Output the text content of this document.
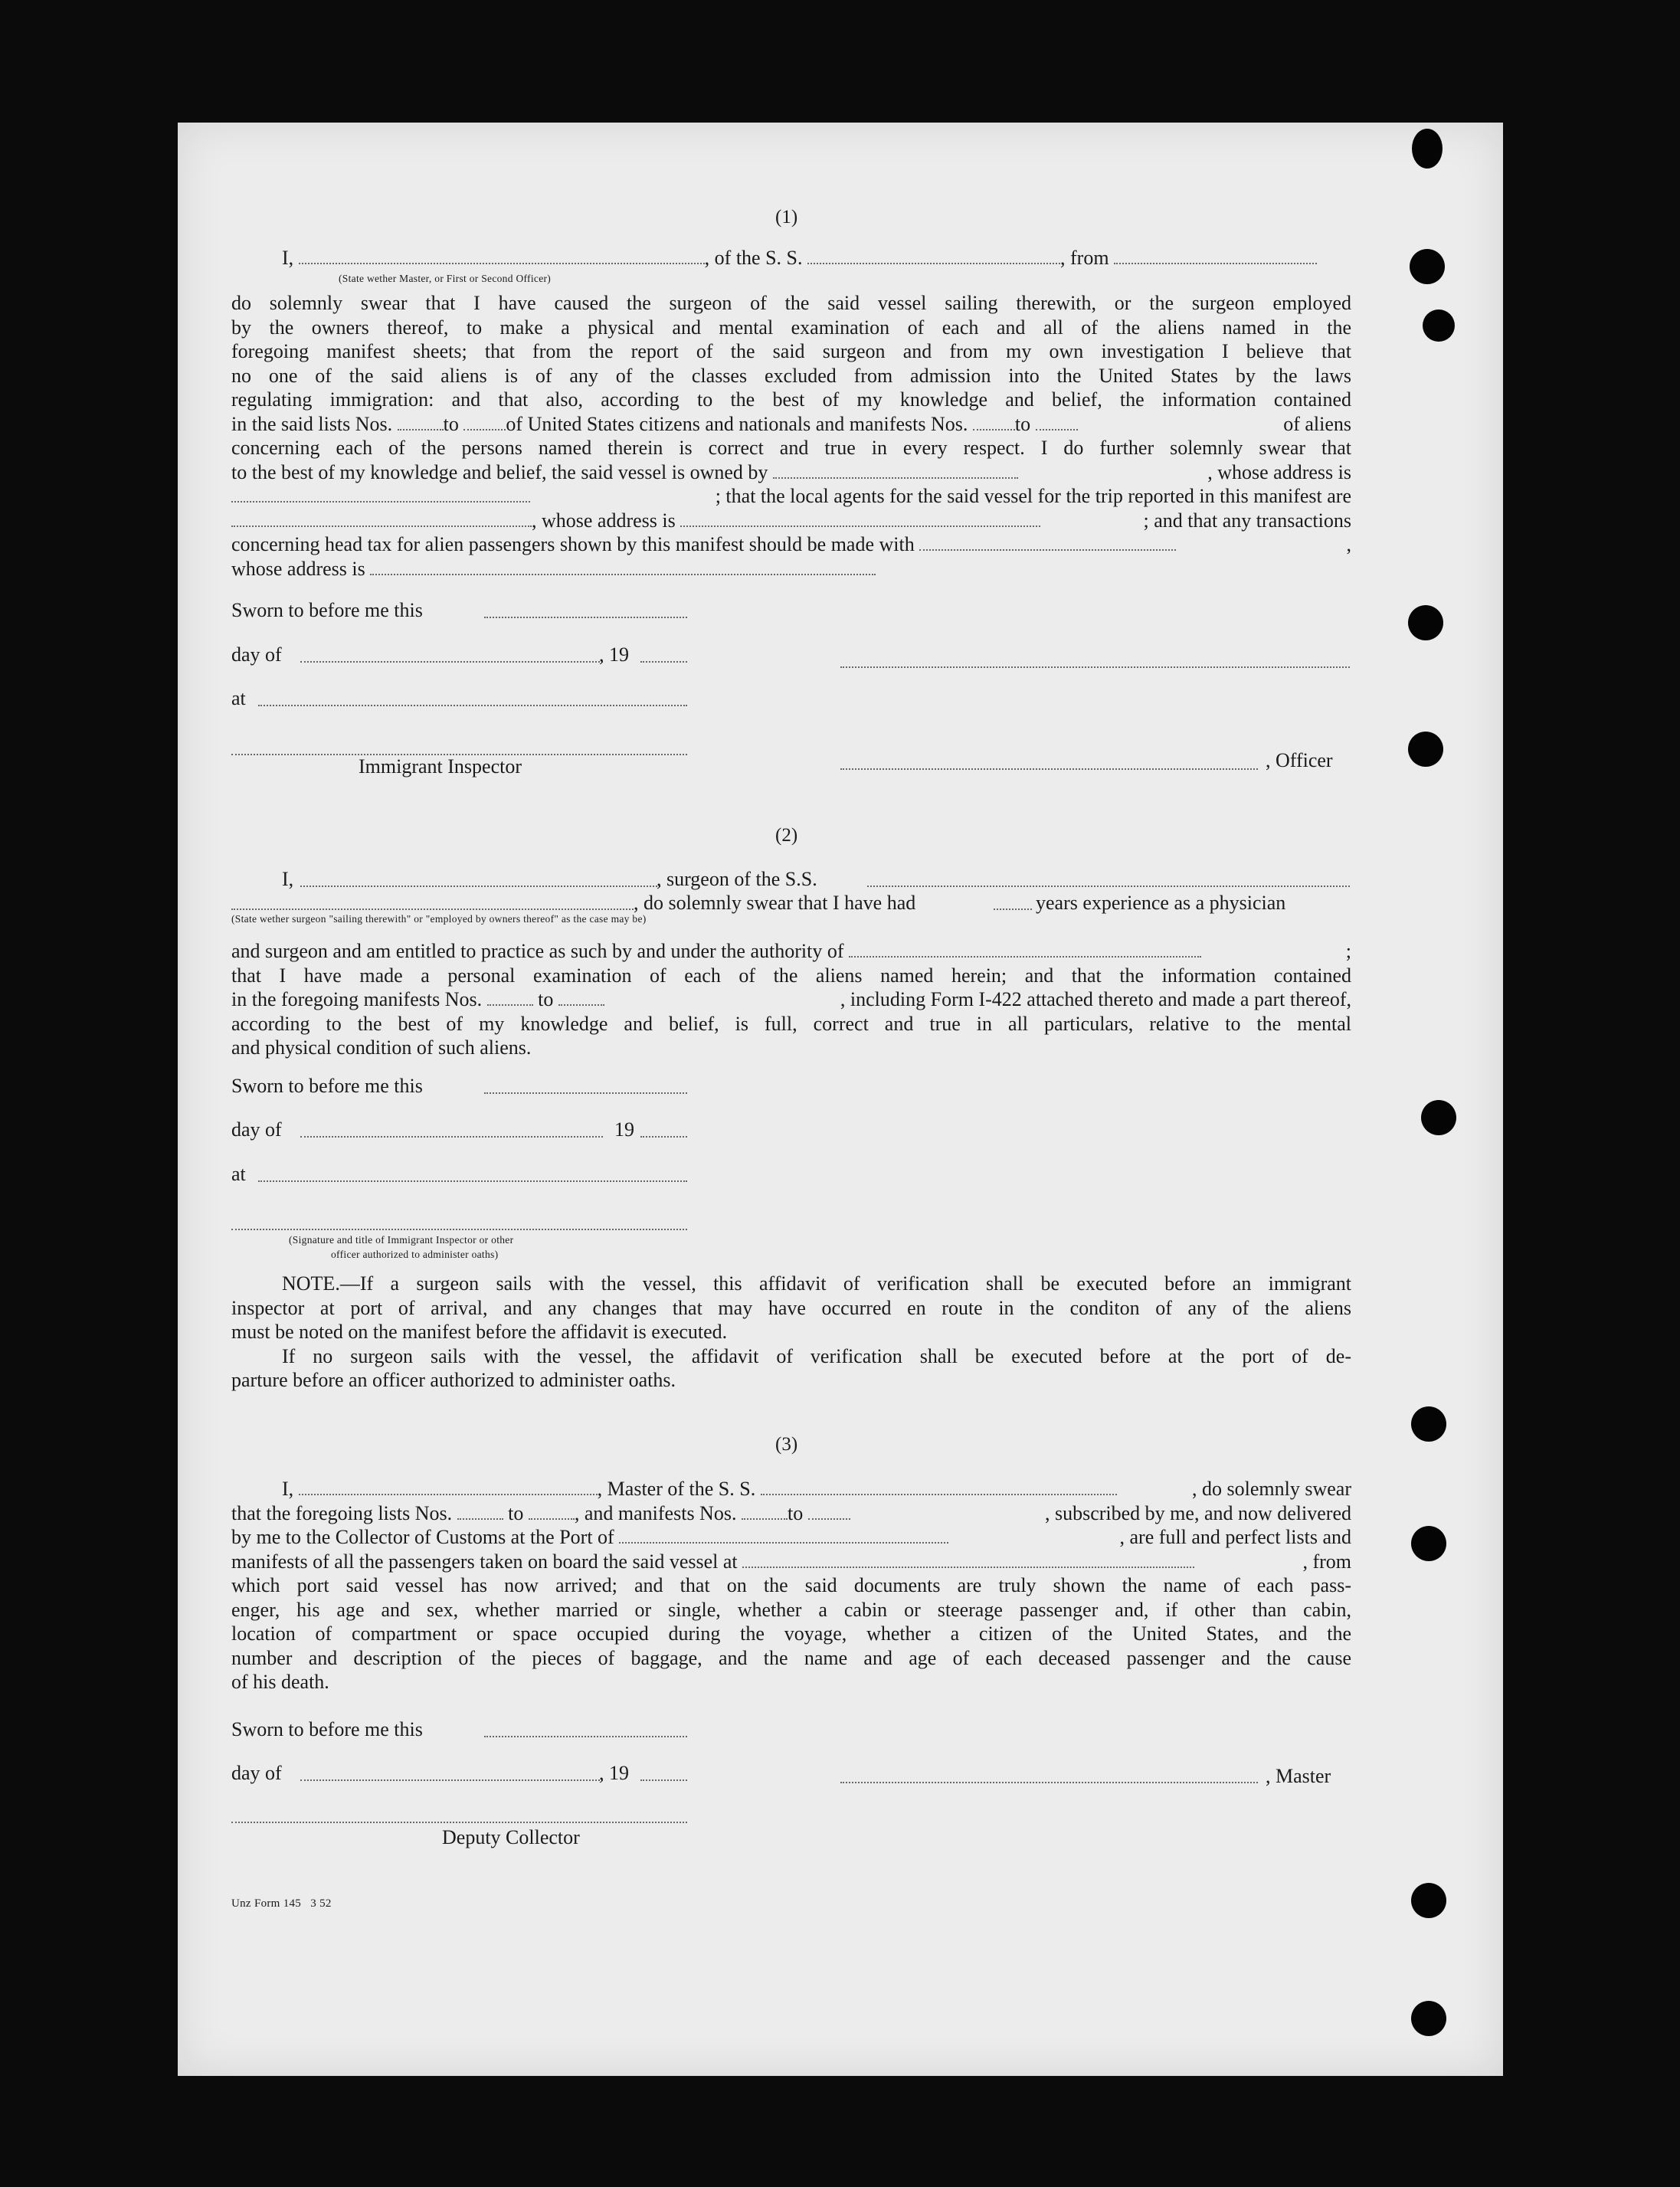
(1)
I,	, of the S. S.	, from
(State wether Master, or First or Second Officer)
do solemnly swear that I have caused the surgeon of the said vessel sailing therewith, or the surgeon employed
by the owners thereof, to make a physical and mental examination of each and all of the aliens named in the
foregoing manifest sheets; that from the report of the said surgeon and from my own investigation I believe that
no one of the said aliens is of any of the classes excluded from admission into the United States by the laws
regulating immigration: and that also, according to the best of my knowledge and belief, the information contained
in the said lists Nos.	to of United States citizens and nationals and manifests Nos. to	of aliens
concerning each of the persons named therein is correct and true in every respect. I do further solemnly swear that
to the best of my knowledge and belief, the said vessel is owned by	, whose address is
; that the local agents for the said vessel for the trip reported in this manifest are
, whose address is	; and that any transactions
concerning head tax for alien passengers shown by this manifest should be made with	,
whose address is
Sworn to before me this
day of	, 19
at
Immigrant Inspector	, Officer
(2)
I,	, surgeon of the S.S.
, do solemnly swear that I have had	years experience as a physician
(State wether surgeon "sailing therewith" or "employed by owners thereof" as the case may be)
and surgeon and am entitled to practice as such by and under the authority of	;
that I have made a personal examination of each of the aliens named herein; and that the information contained
in the foregoing manifests Nos.	to	, including Form I-422 attached thereto and made a part thereof,
according to the best of my knowledge and belief, is full, correct and true in all particulars, relative to the mental
and physical condition of such aliens.
Sworn to before me this
day of	19
at
(Signature and title of Immigrant Inspector or other
officer authorized to administer oaths)
NOTE.—If a surgeon sails with the vessel, this affidavit of verification shall be executed before an immigrant
inspector at port of arrival, and any changes that may have occurred en route in the conditon of any of the aliens
must be noted on the manifest before the affidavit is executed.
If no surgeon sails with the vessel, the affidavit of verification shall be executed before at the port of de-
parture before an officer authorized to administer oaths.
(3)
I,	, Master of the S. S.	, do solemnly swear
that the foregoing lists Nos.	to	, and manifests Nos.	to	, subscribed by me, and now delivered
by me to the Collector of Customs at the Port of	, are full and perfect lists and
manifests of all the passengers taken on board the said vessel at	, from
which port said vessel has now arrived; and that on the said documents are truly shown the name of each pass-
enger, his age and sex, whether married or single, whether a cabin or steerage passenger and, if other than cabin,
location of compartment or space occupied during the voyage, whether a citizen of the United States, and the
number and description of the pieces of baggage, and the name and age of each deceased passenger and the cause
of his death.
Sworn to before me this
day of	, 19	, Master
Deputy Collector
Unz Form 145   3 52
